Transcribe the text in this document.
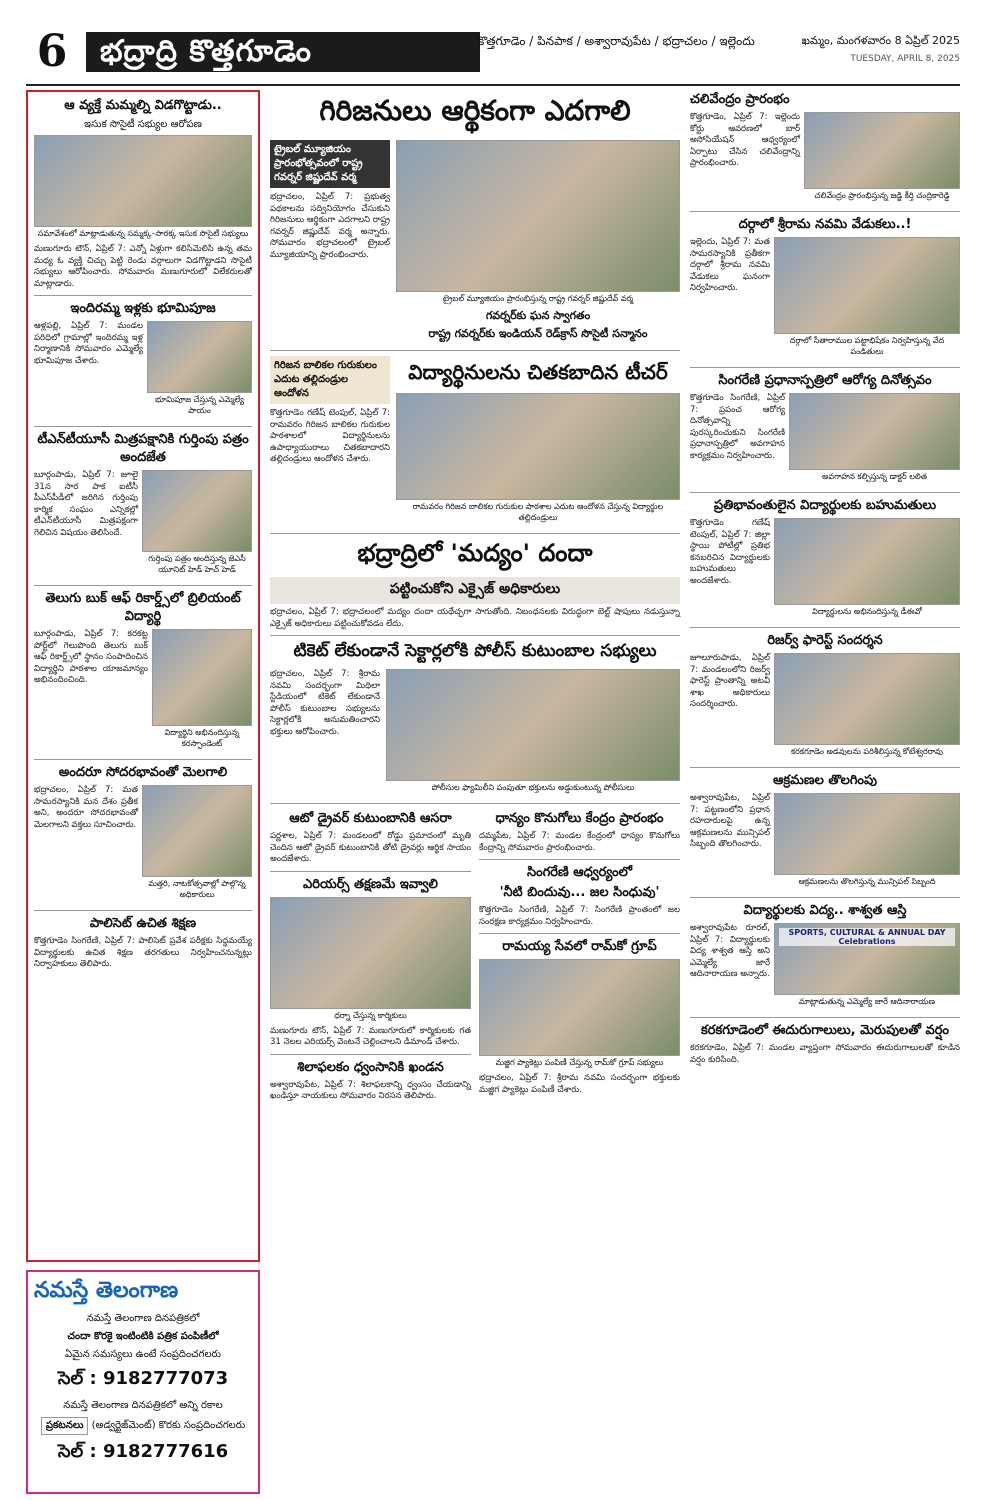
6	భద్రాద్రి కొత్తగూడెం	కొత్తగూడెం / పినపాక / అశ్వారావుపేట / భద్రాచలం / ఇల్లెందు	ఖమ్మం, మంగళవారం 8 ఏప్రిల్ 2025
TUESDAY, APRIL 8, 2025
ఆ వ్యక్తే మమ్మల్ని విడగొట్టాడు..
ఇసుక సొసైటీ సభ్యుల ఆరోపణ
సమావేశంలో మాట్లాడుతున్న సమ్మక్క–సారక్క ఇసుక సొసైటీ సభ్యులు
మణుగూరు టౌన్, ఏప్రిల్ 7: ఎన్నో ఏళ్లుగా కలిసిమెలిసి ఉన్న తమ మధ్య ఓ వ్యక్తి చిచ్చు పెట్టి రెండు వర్గాలుగా విడగొట్టాడని సొసైటీ సభ్యులు ఆరోపించారు. సోమవారం మణుగూరులో విలేకరులతో మాట్లాడారు.
ఇందిరమ్మ ఇళ్లకు భూమిపూజ
ఆళ్లపల్లి, ఏప్రిల్ 7: మండల పరిధిలో గ్రామాల్లో ఇందిరమ్మ ఇళ్ల నిర్మాణానికి సోమవారం ఎమ్మెల్యే భూమిపూజ చేశారు.
భూమిపూజ చేస్తున్న ఎమ్మెల్యే పాయం
టీఎన్‌టీయూసీ మిత్రపక్షానికి గుర్తింపు పత్రం అందజేత
బూర్గంపాడు, ఏప్రిల్ 7: జూలై 31న సార పాక ఐటీసీ పీఎస్‌పీడీలో జరిగిన గుర్తింపు కార్మిక సంఘం ఎన్నికల్లో టీఎన్‌టీయూసీ మిత్రపక్షంగా గెలిచిన విషయం తెలిసిందే.
గుర్తింపు పత్రం అందిస్తున్న జెఎసీ యూనిట్ హెడ్ హెచ్ హెడ్
తెలుగు బుక్ ఆఫ్ రికార్డ్స్‌లో బ్రిలియంట్ విద్యార్థి
బూర్గంపాడు, ఏప్రిల్ 7: కరకట్ట పోర్ట్‌లో గెలుపొంది తెలుగు బుక్ ఆఫ్ రికార్డ్స్‌లో స్థానం సంపాదించిన విద్యార్థిని పాఠశాల యాజమాన్యం అభినందించింది.
విద్యార్థిని అభినందిస్తున్న కరస్పాండెంట్
అందరూ సోదరభావంతో మెలగాలి
భద్రాచలం, ఏప్రిల్ 7: మత సామరస్యానికి మన దేశం ప్రతీక అని, అందరూ సోదరభావంతో మెలగాలని వక్తలు సూచించారు.
మత్తరి, నాటకోత్సవాల్లో పాల్గొన్న అధికారులు
పాలిసెట్ ఉచిత శిక్షణ
కొత్తగూడెం సింగరేణి, ఏప్రిల్ 7: పాలిసెట్ ప్రవేశ పరీక్షకు సిద్ధమయ్యే విద్యార్థులకు ఉచిత శిక్షణ తరగతులు నిర్వహించనున్నట్లు నిర్వాహకులు తెలిపారు.
నమస్తే తెలంగాణ
నమస్తే తెలంగాణ దినపత్రికలో
చందా కొరకై ఇంటింటికి పత్రిక పంపిణీలో
ఏమైన సమస్యలు ఉంటే సంప్రదించగలరు
సెల్ : 9182777073
నమస్తే తెలంగాణ దినపత్రికలో అన్ని రకాల
ప్రకటనలు (అడ్వర్టైజ్‌మెంట్) కొరకు సంప్రదించగలరు
సెల్ : 9182777616
గిరిజనులు ఆర్థికంగా ఎదగాలి
ట్రైబల్ మ్యూజియం ప్రారంభోత్సవంలో రాష్ట్ర గవర్నర్ జిష్ణుదేవ్ వర్మ
భద్రాచలం, ఏప్రిల్ 7: ప్రభుత్వ పథకాలను సద్వినియోగం చేసుకుని గిరిజనులు ఆర్థికంగా ఎదగాలని రాష్ట్ర గవర్నర్ జిష్ణుదేవ్ వర్మ అన్నారు. సోమవారం భద్రాచలంలో ట్రైబల్ మ్యూజియాన్ని ప్రారంభించారు.
ట్రైబల్ మ్యూజియం ప్రారంభిస్తున్న రాష్ట్ర గవర్నర్ జిష్ణుదేవ్ వర్మ
గవర్నర్‌కు ఘన స్వాగతం
రాష్ట్ర గవర్నర్‌కు ఇండియన్ రెడ్‌క్రాస్ సొసైటీ సన్మానం
గిరిజన బాలికల గురుకులం ఎదుట తల్లిదండ్రుల ఆందోళన
కొత్తగూడెం గణేష్ టెంపుల్, ఏప్రిల్ 7: రామవరం గిరిజన బాలికల గురుకుల పాఠశాలలో విద్యార్థినులను ఉపాధ్యాయురాలు చితకబాదారని తల్లిదండ్రులు ఆందోళన చేశారు.
విద్యార్థినులను చితకబాదిన టీచర్
రామవరం గిరిజన బాలికల గురుకుల పాఠశాల ఎదుట ఆందోళన చేస్తున్న విద్యార్థుల తల్లిదండ్రులు
భద్రాద్రిలో 'మద్యం' దందా
పట్టించుకోని ఎక్సైజ్ అధికారులు
భద్రాచలం, ఏప్రిల్ 7: భద్రాచలంలో మద్యం దందా యథేచ్ఛగా సాగుతోంది. నిబంధనలకు విరుద్ధంగా బెల్ట్ షాపులు నడుస్తున్నా ఎక్సైజ్ అధికారులు పట్టించుకోవడం లేదు.
టికెట్ లేకుండానే సెక్టార్లలోకి పోలీస్ కుటుంబాల సభ్యులు
భద్రాచలం, ఏప్రిల్ 7: శ్రీరామ నవమి సందర్భంగా మిథిలా స్టేడియంలో టికెట్ లేకుండానే పోలీస్ కుటుంబాల సభ్యులను సెక్టార్లలోకి అనుమతించారని భక్తులు ఆరోపించారు.
పోలీసుల ఫ్యామిలీని పంపుతూ భక్తులను అడ్డుకుంటున్న పోలీసులు
ఆటో డ్రైవర్ కుటుంబానికి ఆసరా
పర్ణశాల, ఏప్రిల్ 7: మండలంలో రోడ్డు ప్రమాదంలో మృతి చెందిన ఆటో డ్రైవర్ కుటుంబానికి తోటి డ్రైవర్లు ఆర్థిక సాయం అందజేశారు.
ఎరియర్స్ తక్షణమే ఇవ్వాలి
ధర్నా చేస్తున్న కార్మికులు
మణుగూరు టౌన్, ఏప్రిల్ 7: మణుగూరులో కార్మికులకు గత 31 నెలల ఎరియర్స్ వెంటనే చెల్లించాలని డిమాండ్ చేశారు.
శిలాఫలకం ధ్వంసానికి ఖండన
అశ్వారావుపేట, ఏప్రిల్ 7: శిలాఫలకాన్ని ధ్వంసం చేయడాన్ని ఖండిస్తూ నాయకులు సోమవారం నిరసన తెలిపారు.
ధాన్యం కొనుగోలు కేంద్రం ప్రారంభం
దమ్మపేట, ఏప్రిల్ 7: మండల కేంద్రంలో ధాన్యం కొనుగోలు కేంద్రాన్ని సోమవారం ప్రారంభించారు.
సింగరేణి ఆధ్వర్యంలో
'నీటి బిందువు... జల సింధువు'
కొత్తగూడెం సింగరేణి, ఏప్రిల్ 7: సింగరేణి ప్రాంతంలో జల సంరక్షణ కార్యక్రమం నిర్వహించారు.
రామయ్య సేవలో రామ్‌కో గ్రూప్
మజ్జిగ ప్యాకెట్లు పంపిణీ చేస్తున్న రామ్‌కో గ్రూప్ సభ్యులు
భద్రాచలం, ఏప్రిల్ 7: శ్రీరామ నవమి సందర్భంగా భక్తులకు మజ్జిగ ప్యాకెట్లు పంపిణీ చేశారు.
చలివేంద్రం ప్రారంభం
కొత్తగూడెం, ఏప్రిల్ 7: ఇల్లెందు కోర్టు ఆవరణలో బార్ అసోసియేషన్ ఆధ్వర్యంలో ఏర్పాటు చేసిన చలివేంద్రాన్ని ప్రారంభించారు.
చలివేంద్రం ప్రారంభిస్తున్న జడ్జి కీర్తి చంద్రికారెడ్డి
దర్గాలో శ్రీరామ నవమి వేడుకలు..!
ఇల్లెందు, ఏప్రిల్ 7: మత సామరస్యానికి ప్రతీకగా దర్గాలో శ్రీరామ నవమి వేడుకలు ఘనంగా నిర్వహించారు.
దర్గాలో సీతారాముల పట్టాభిషేకం నిర్వహిస్తున్న వేద పండితులు
సింగరేణి ప్రధానాస్పత్రిలో ఆరోగ్య దినోత్సవం
కొత్తగూడెం సింగరేణి, ఏప్రిల్ 7: ప్రపంచ ఆరోగ్య దినోత్సవాన్ని పురస్కరించుకుని సింగరేణి ప్రధానాస్పత్రిలో అవగాహన కార్యక్రమం నిర్వహించారు.
అవగాహన కల్పిస్తున్న డాక్టర్ లలిత
ప్రతిభావంతులైన విద్యార్థులకు బహుమతులు
కొత్తగూడెం గణేష్ టెంపుల్, ఏప్రిల్ 7: జిల్లా స్థాయి పోటీల్లో ప్రతిభ కనబరిచిన విద్యార్థులకు బహుమతులు అందజేశారు.
విద్యార్థులను అభినందిస్తున్న డీఈవో
రిజర్వ్ ఫారెస్ట్ సందర్శన
జూలూరుపాడు, ఏప్రిల్ 7: మండలంలోని రిజర్వ్ ఫారెస్ట్ ప్రాంతాన్ని అటవీ శాఖ అధికారులు సందర్శించారు.
కరకగూడెం అడవులను పరిశీలిస్తున్న కోటేశ్వరరావు
ఆక్రమణల తొలగింపు
అశ్వారావుపేట, ఏప్రిల్ 7: పట్టణంలోని ప్రధాన రహదారులపై ఉన్న ఆక్రమణలను మున్సిపల్ సిబ్బంది తొలగించారు.
ఆక్రమణలను తొలగిస్తున్న మున్సిపల్ సిబ్బంది
విద్యార్థులకు విద్య.. శాశ్వత ఆస్తి
అశ్వారావుపేట రూరల్, ఏప్రిల్ 7: విద్యార్థులకు విద్య శాశ్వత ఆస్తి అని ఎమ్మెల్యే జారే ఆదినారాయణ అన్నారు.
SPORTS, CULTURAL & ANNUAL DAY Celebrations
మాట్లాడుతున్న ఎమ్మెల్యే జారే ఆదినారాయణ
కరకగూడెంలో ఈదురుగాలులు, మెరుపులతో వర్షం
కరకగూడెం, ఏప్రిల్ 7: మండల వ్యాప్తంగా సోమవారం ఈదురుగాలులతో కూడిన వర్షం కురిసింది.
